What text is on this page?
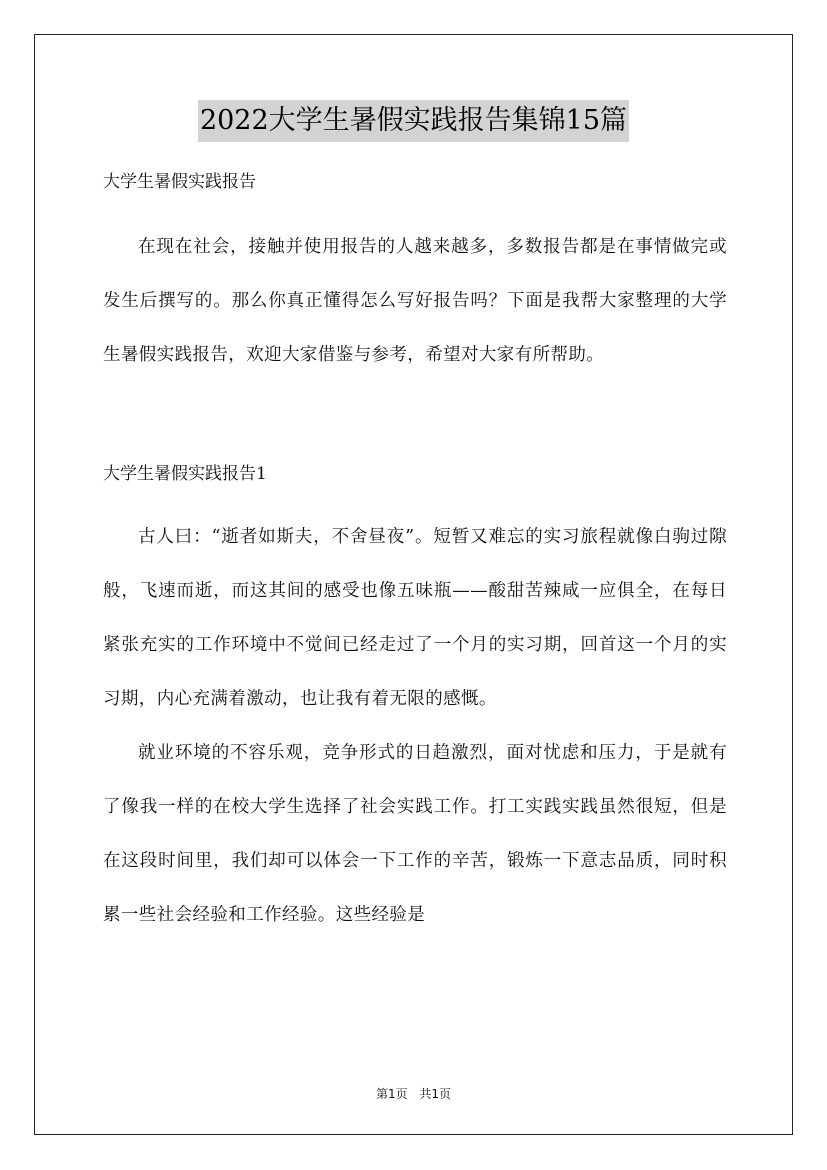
2022大学生暑假实践报告集锦15篇

大学生暑假实践报告

在现在社会，接触并使用报告的人越来越多，多数报告都是在事情做完或发生后撰写的。那么你真正懂得怎么写好报告吗？下面是我帮大家整理的大学生暑假实践报告，欢迎大家借鉴与参考，希望对大家有所帮助。

大学生暑假实践报告1

古人曰：“逝者如斯夫，不舍昼夜”。短暂又难忘的实习旅程就像白驹过隙般，飞速而逝，而这其间的感受也像五味瓶——酸甜苦辣咸一应俱全，在每日紧张充实的工作环境中不觉间已经走过了一个月的实习期，回首这一个月的实习期，内心充满着激动，也让我有着无限的感慨。

就业环境的不容乐观，竞争形式的日趋激烈，面对忧虑和压力，于是就有了像我一样的在校大学生选择了社会实践工作。打工实践实践虽然很短，但是在这段时间里，我们却可以体会一下工作的辛苦，锻炼一下意志品质，同时积累一些社会经验和工作经验。这些经验是

第1页 共1页
